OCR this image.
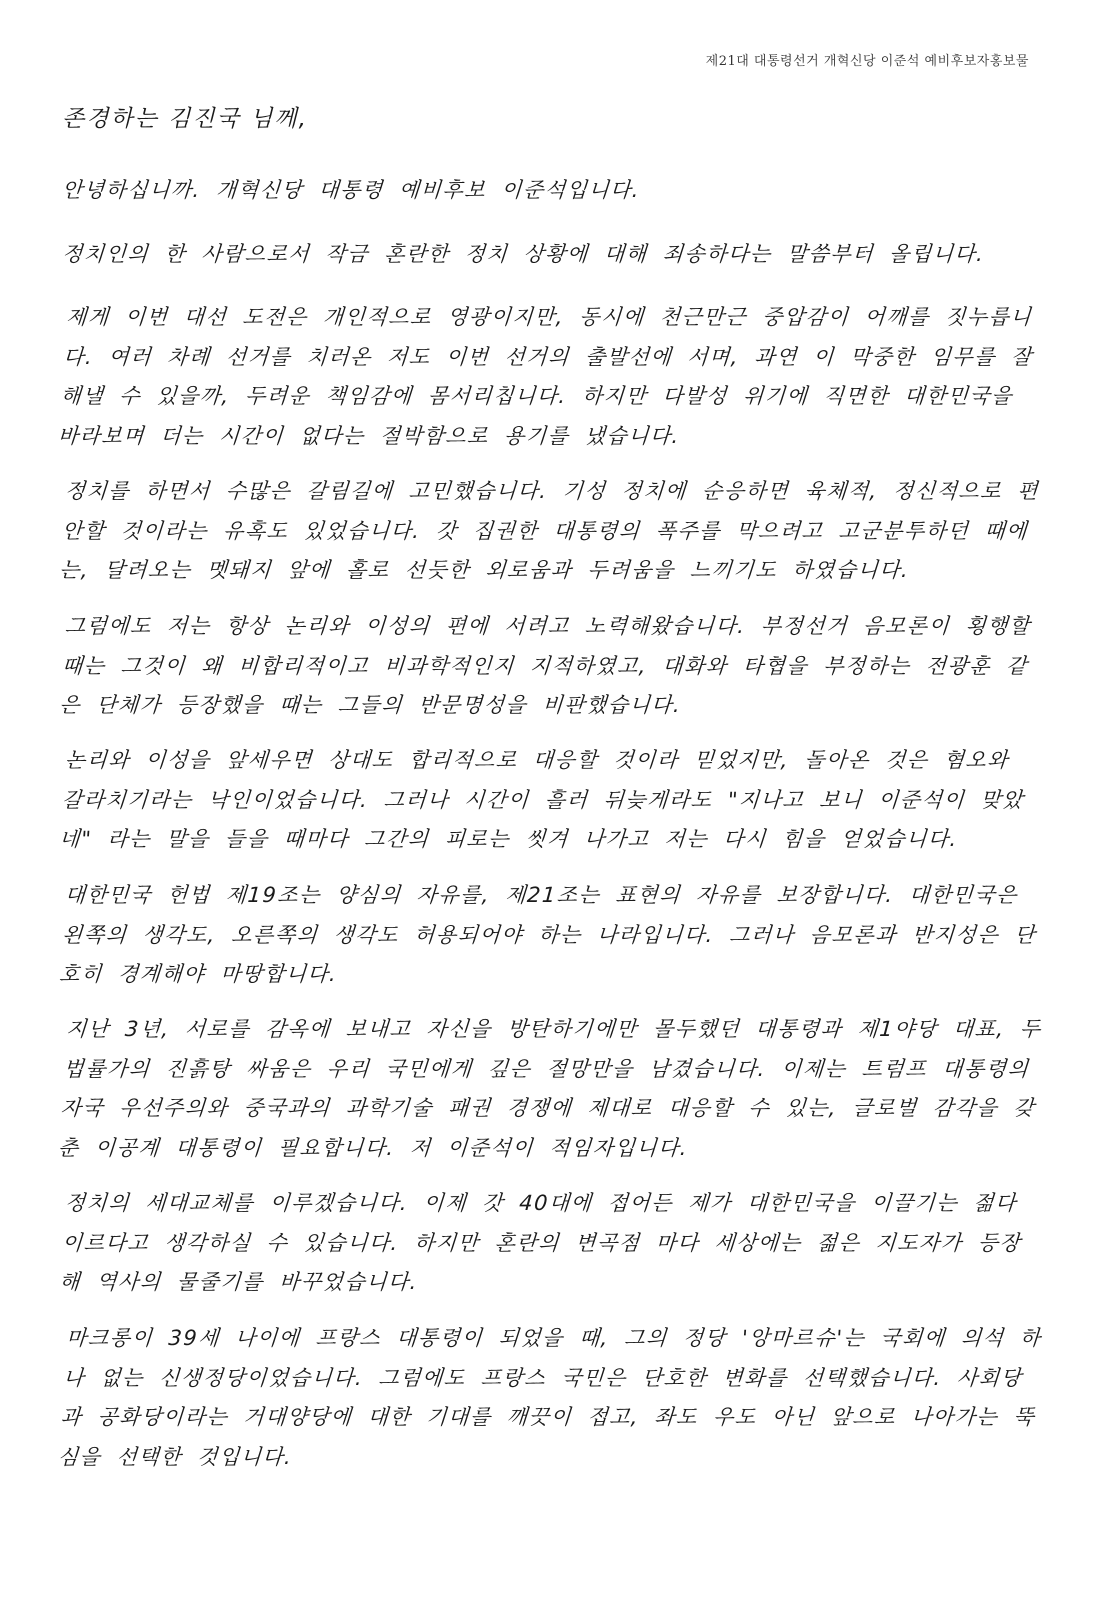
제21대 대통령선거 개혁신당 이준석 예비후보자홍보물

존경하는 김진국 님께,

안녕하십니까. 개혁신당 대통령 예비후보 이준석입니다.

정치인의 한 사람으로서 작금 혼란한 정치 상황에 대해 죄송하다는 말씀부터 올립니다.

제게 이번 대선 도전은 개인적으로 영광이지만, 동시에 천근만근 중압감이 어깨를 짓누릅니다. 여러 차례 선거를 치러온 저도 이번 선거의 출발선에 서며, 과연 이 막중한 임무를 잘 해낼 수 있을까, 두려운 책임감에 몸서리칩니다. 하지만 다발성 위기에 직면한 대한민국을 바라보며 더는 시간이 없다는 절박함으로 용기를 냈습니다.

정치를 하면서 수많은 갈림길에 고민했습니다. 기성 정치에 순응하면 육체적, 정신적으로 편안할 것이라는 유혹도 있었습니다. 갓 집권한 대통령의 폭주를 막으려고 고군분투하던 때에는, 달려오는 멧돼지 앞에 홀로 선듯한 외로움과 두려움을 느끼기도 하였습니다.

그럼에도 저는 항상 논리와 이성의 편에 서려고 노력해왔습니다. 부정선거 음모론이 횡행할 때는 그것이 왜 비합리적이고 비과학적인지 지적하였고, 대화와 타협을 부정하는 전광훈 같은 단체가 등장했을 때는 그들의 반문명성을 비판했습니다.

논리와 이성을 앞세우면 상대도 합리적으로 대응할 것이라 믿었지만, 돌아온 것은 혐오와 갈라치기라는 낙인이었습니다. 그러나 시간이 흘러 뒤늦게라도 "지나고 보니 이준석이 맞았네" 라는 말을 들을 때마다 그간의 피로는 씻겨 나가고 저는 다시 힘을 얻었습니다.

대한민국 헌법 제19조는 양심의 자유를, 제21조는 표현의 자유를 보장합니다. 대한민국은 왼쪽의 생각도, 오른쪽의 생각도 허용되어야 하는 나라입니다. 그러나 음모론과 반지성은 단호히 경계해야 마땅합니다.

지난 3년, 서로를 감옥에 보내고 자신을 방탄하기에만 몰두했던 대통령과 제1야당 대표, 두 법률가의 진흙탕 싸움은 우리 국민에게 깊은 절망만을 남겼습니다. 이제는 트럼프 대통령의 자국 우선주의와 중국과의 과학기술 패권 경쟁에 제대로 대응할 수 있는, 글로벌 감각을 갖춘 이공계 대통령이 필요합니다. 저 이준석이 적임자입니다.

정치의 세대교체를 이루겠습니다. 이제 갓 40대에 접어든 제가 대한민국을 이끌기는 젊다 이르다고 생각하실 수 있습니다. 하지만 혼란의 변곡점 마다 세상에는 젊은 지도자가 등장해 역사의 물줄기를 바꾸었습니다.

마크롱이 39세 나이에 프랑스 대통령이 되었을 때, 그의 정당 '앙마르슈'는 국회에 의석 하나 없는 신생정당이었습니다. 그럼에도 프랑스 국민은 단호한 변화를 선택했습니다. 사회당과 공화당이라는 거대양당에 대한 기대를 깨끗이 접고, 좌도 우도 아닌 앞으로 나아가는 뚝심을 선택한 것입니다.
